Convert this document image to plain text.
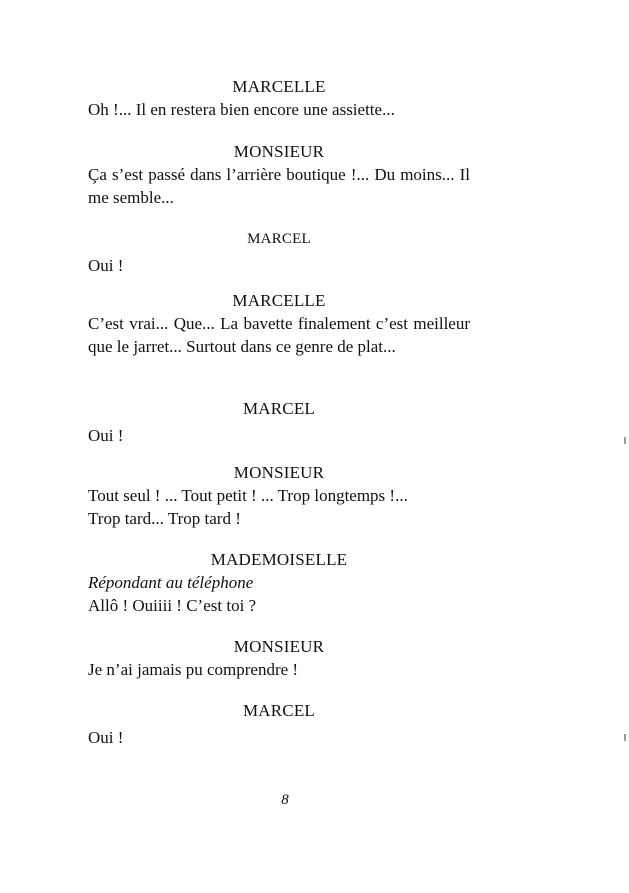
MARCELLE
Oh !... Il en restera bien encore une assiette...
MONSIEUR
Ça s’est passé dans l’arrière boutique !... Du moins... Il me semble...
MARCEL
Oui !
MARCELLE
C’est vrai... Que... La bavette finalement c’est meilleur que le jarret... Surtout dans ce genre de plat...
MARCEL
Oui !
MONSIEUR
Tout seul ! ... Tout petit ! ... Trop longtemps !...
Trop tard... Trop tard !
MADEMOISELLE
Répondant au téléphone
Allô ! Ouiiii ! C’est toi ?
MONSIEUR
Je n’ai jamais pu comprendre !
MARCEL
Oui !
8
